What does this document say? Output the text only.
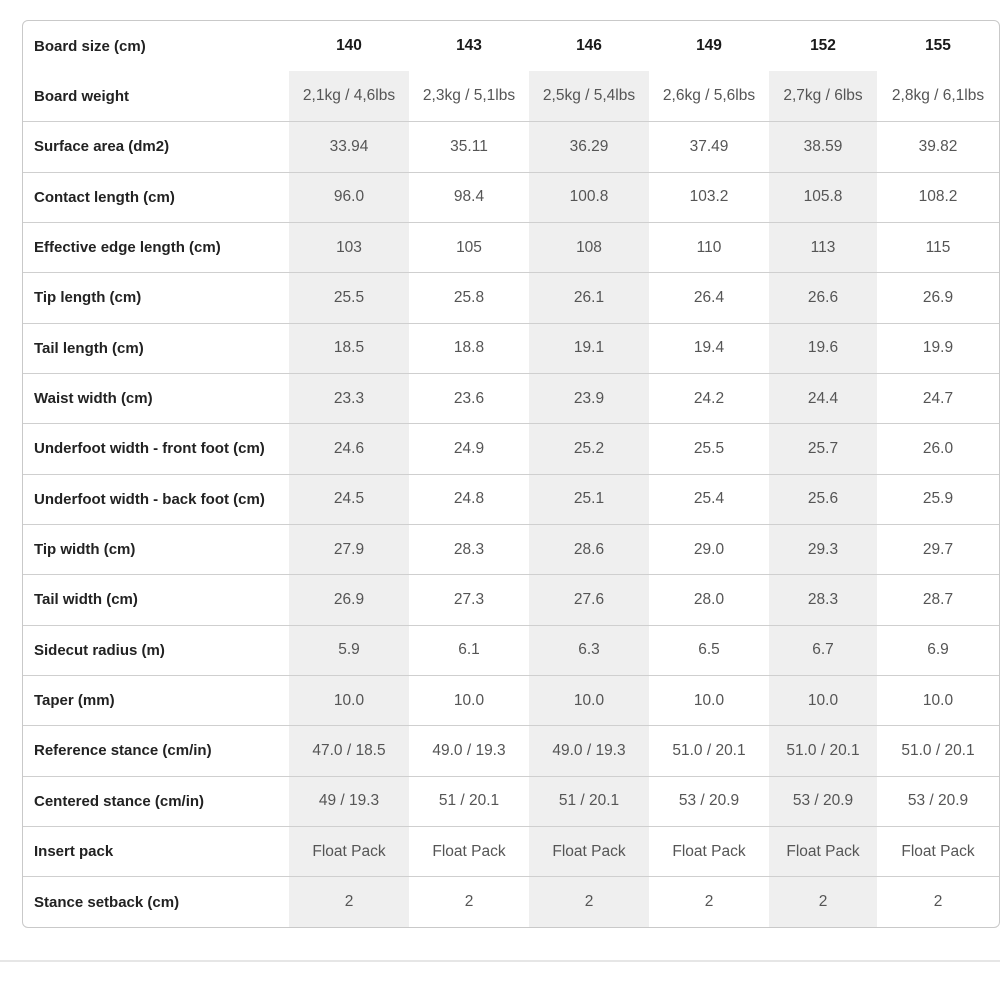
Board size (cm)	140	143	146	149	152	155
Board weight	2,1kg / 4,6lbs	2,3kg / 5,1lbs	2,5kg / 5,4lbs	2,6kg / 5,6lbs	2,7kg / 6lbs	2,8kg / 6,1lbs
Surface area (dm2)	33.94	35.11	36.29	37.49	38.59	39.82
Contact length (cm)	96.0	98.4	100.8	103.2	105.8	108.2
Effective edge length (cm)	103	105	108	110	113	115
Tip length (cm)	25.5	25.8	26.1	26.4	26.6	26.9
Tail length (cm)	18.5	18.8	19.1	19.4	19.6	19.9
Waist width (cm)	23.3	23.6	23.9	24.2	24.4	24.7
Underfoot width - front foot (cm)	24.6	24.9	25.2	25.5	25.7	26.0
Underfoot width - back foot (cm)	24.5	24.8	25.1	25.4	25.6	25.9
Tip width (cm)	27.9	28.3	28.6	29.0	29.3	29.7
Tail width (cm)	26.9	27.3	27.6	28.0	28.3	28.7
Sidecut radius (m)	5.9	6.1	6.3	6.5	6.7	6.9
Taper (mm)	10.0	10.0	10.0	10.0	10.0	10.0
Reference stance (cm/in)	47.0 / 18.5	49.0 / 19.3	49.0 / 19.3	51.0 / 20.1	51.0 / 20.1	51.0 / 20.1
Centered stance (cm/in)	49 / 19.3	51 / 20.1	51 / 20.1	53 / 20.9	53 / 20.9	53 / 20.9
Insert pack	Float Pack	Float Pack	Float Pack	Float Pack	Float Pack	Float Pack
Stance setback (cm)	2	2	2	2	2	2
